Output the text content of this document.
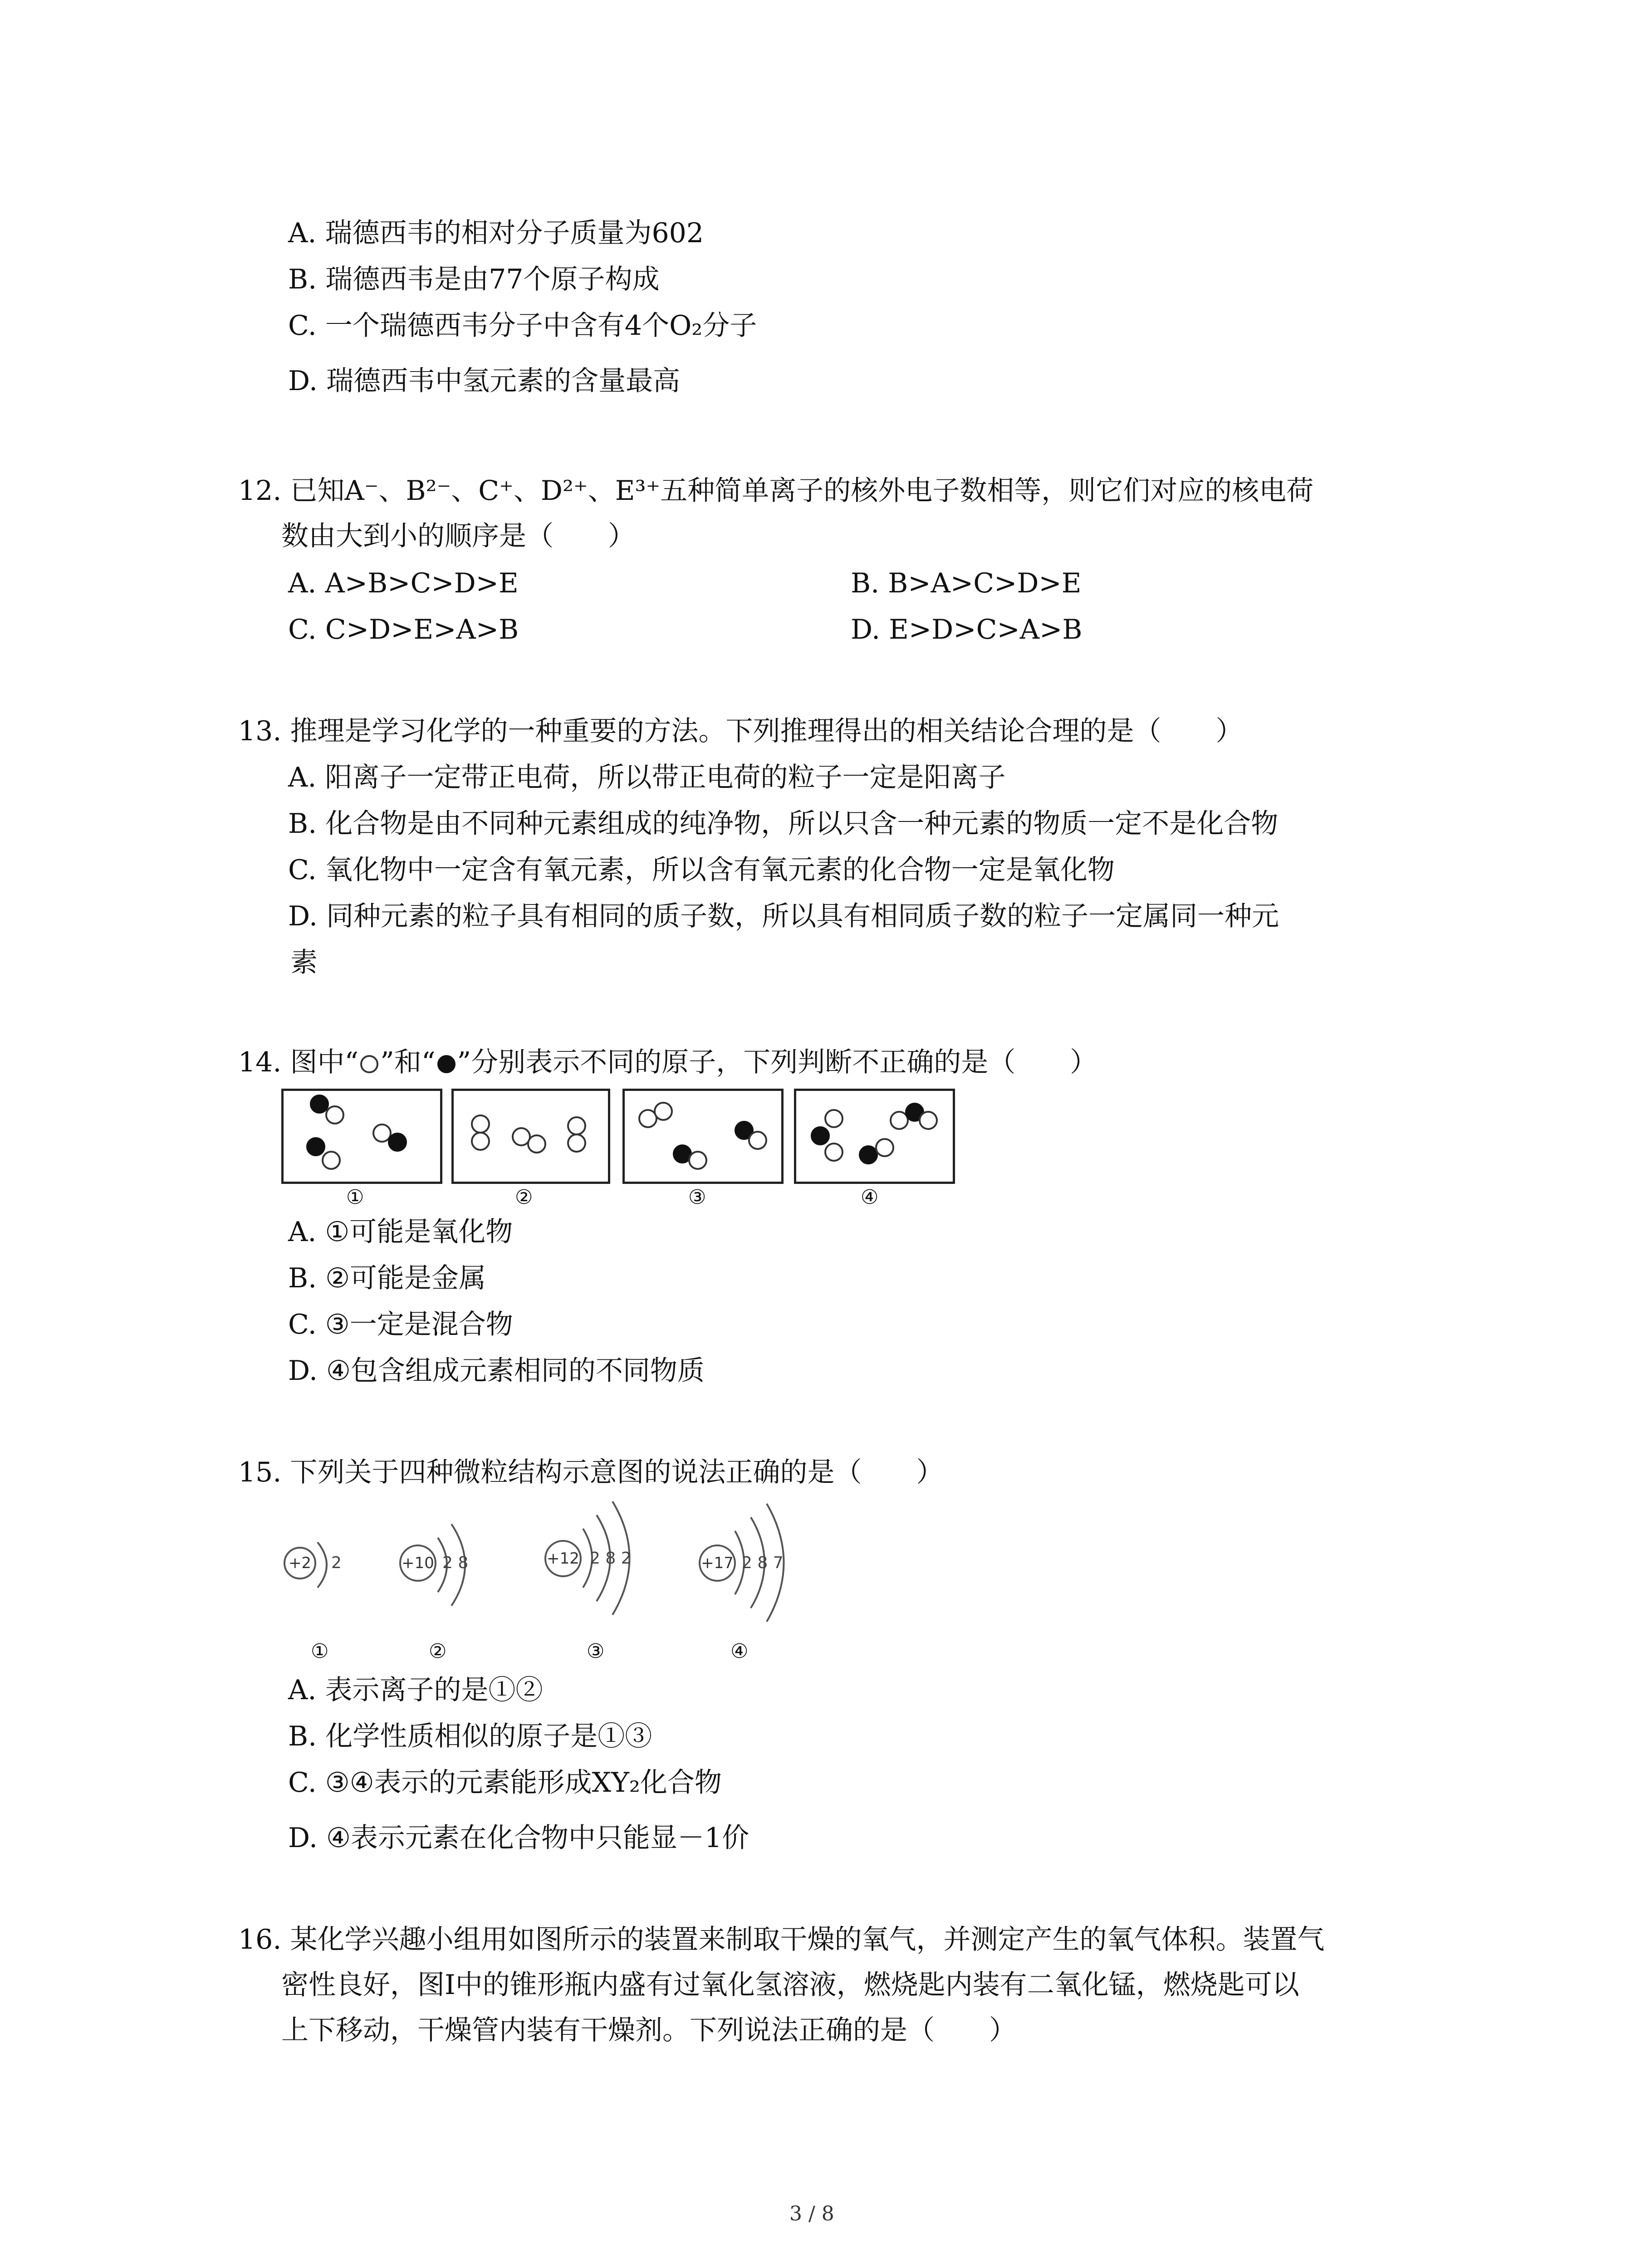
A. 瑞德西韦的相对分子质量为602
B. 瑞德西韦是由77个原子构成
C. 一个瑞德西韦分子中含有4个O₂分子
D. 瑞德西韦中氢元素的含量最高
12. 已知A⁻、B²⁻、C⁺、D²⁺、E³⁺五种简单离子的核外电子数相等，则它们对应的核电荷
数由大到小的顺序是（　　）
A. A>B>C>D>E	B. B>A>C>D>E
C. C>D>E>A>B	D. E>D>C>A>B
13. 推理是学习化学的一种重要的方法。下列推理得出的相关结论合理的是（　　）
A. 阳离子一定带正电荷，所以带正电荷的粒子一定是阳离子
B. 化合物是由不同种元素组成的纯净物，所以只含一种元素的物质一定不是化合物
C. 氧化物中一定含有氧元素，所以含有氧元素的化合物一定是氧化物
D. 同种元素的粒子具有相同的质子数，所以具有相同质子数的粒子一定属同一种元
素
14. 图中“ ”和“ ”分别表示不同的原子，下列判断不正确的是（　　）
①	②	③	④
A. ①可能是氧化物
B. ②可能是金属
C. ③一定是混合物
D. ④包含组成元素相同的不同物质
15. 下列关于四种微粒结构示意图的说法正确的是（　　）
+2	2
①
+10 2 8
②
+12 2 8 2
③
+17 2 8 7
④
A. 表示离子的是①②
B. 化学性质相似的原子是①③
C. ③④表示的元素能形成XY₂化合物
D. ④表示元素在化合物中只能显－1价
16. 某化学兴趣小组用如图所示的装置来制取干燥的氧气，并测定产生的氧气体积。装置气
密性良好，图Ⅰ中的锥形瓶内盛有过氧化氢溶液，燃烧匙内装有二氧化锰，燃烧匙可以
上下移动，干燥管内装有干燥剂。下列说法正确的是（　　）
3 / 8
